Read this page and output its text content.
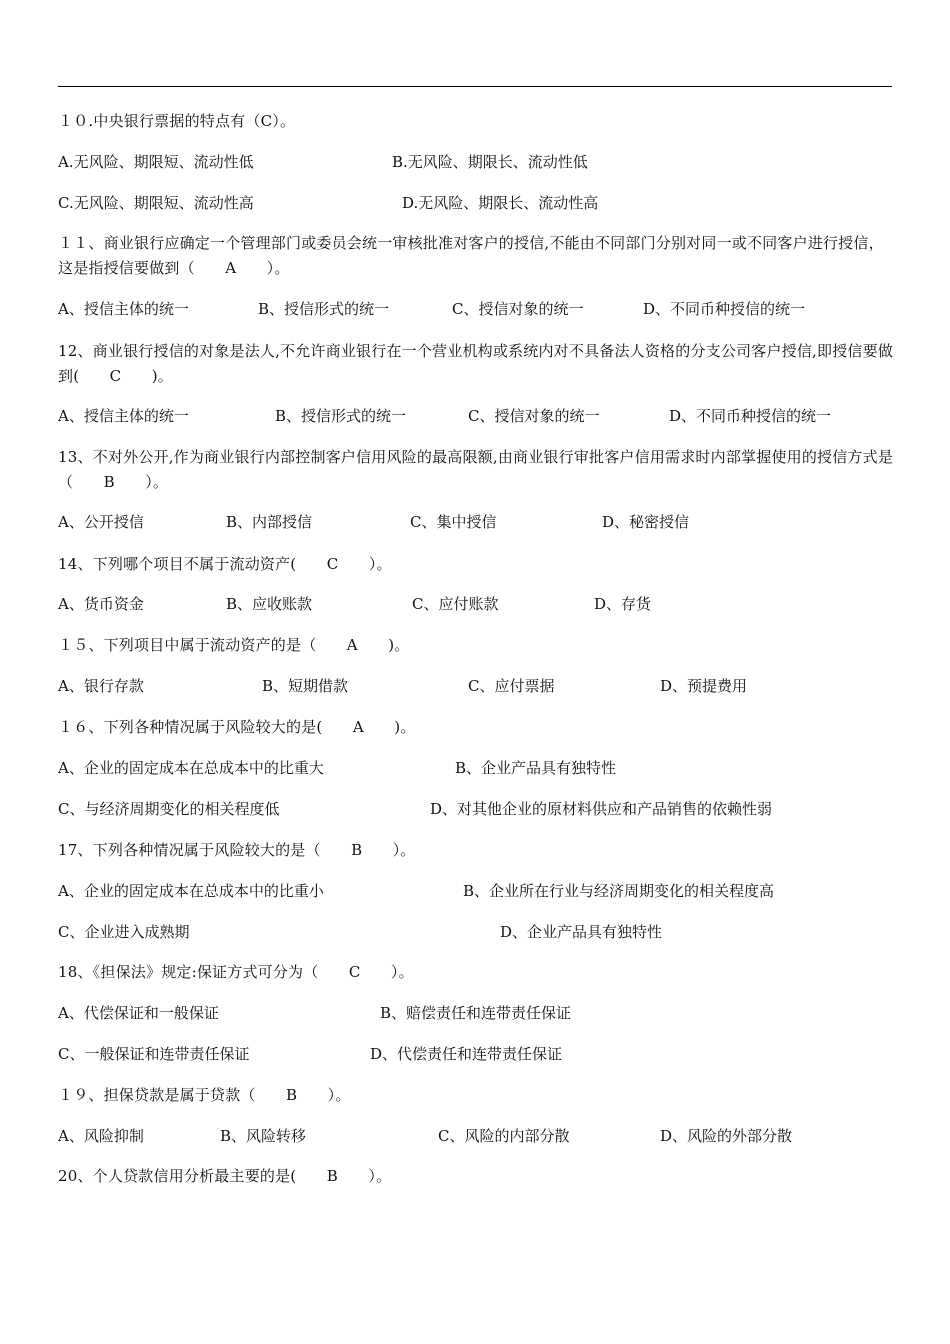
１０.中央银行票据的特点有（C）。
A.无风险、期限短、流动性低	B.无风险、期限长、流动性低
C.无风险、期限短、流动性高	D.无风险、期限长、流动性高
１１、商业银行应确定一个管理部门或委员会统一审核批准对客户的授信,不能由不同部门分别对同一或不同客户进行授信，这是指授信要做到（　　A　　）。
A、授信主体的统一	B、授信形式的统一	C、授信对象的统一	D、不同币种授信的统一
12、商业银行授信的对象是法人,不允许商业银行在一个营业机构或系统内对不具备法人资格的分支公司客户授信,即授信要做到(　　C　　)。
A、授信主体的统一	B、授信形式的统一	C、授信对象的统一	D、不同币种授信的统一
13、不对外公开,作为商业银行内部控制客户信用风险的最高限额,由商业银行审批客户信用需求时内部掌握使用的授信方式是（　　B　　）。
A、公开授信	B、内部授信	C、集中授信	D、秘密授信
14、下列哪个项目不属于流动资产(　　C　　）。
A、货币资金	B、应收账款	C、应付账款	D、存货
１５、下列项目中属于流动资产的是（　　A　　)。
A、银行存款	B、短期借款	C、应付票据	D、预提费用
１６、下列各种情况属于风险较大的是(　　A　　)。
A、企业的固定成本在总成本中的比重大	B、企业产品具有独特性
C、与经济周期变化的相关程度低	D、对其他企业的原材料供应和产品销售的依赖性弱
17、下列各种情况属于风险较大的是（　　B　　）。
A、企业的固定成本在总成本中的比重小	B、企业所在行业与经济周期变化的相关程度高
C、企业进入成熟期	D、企业产品具有独特性
18、《担保法》规定:保证方式可分为（　　C　　）。
A、代偿保证和一般保证	B、赔偿责任和连带责任保证
C、一般保证和连带责任保证	D、代偿责任和连带责任保证
１９、担保贷款是属于贷款（　　B　　）。
A、风险抑制	B、风险转移	C、风险的内部分散	D、风险的外部分散
20、个人贷款信用分析最主要的是(　　B　　）。
